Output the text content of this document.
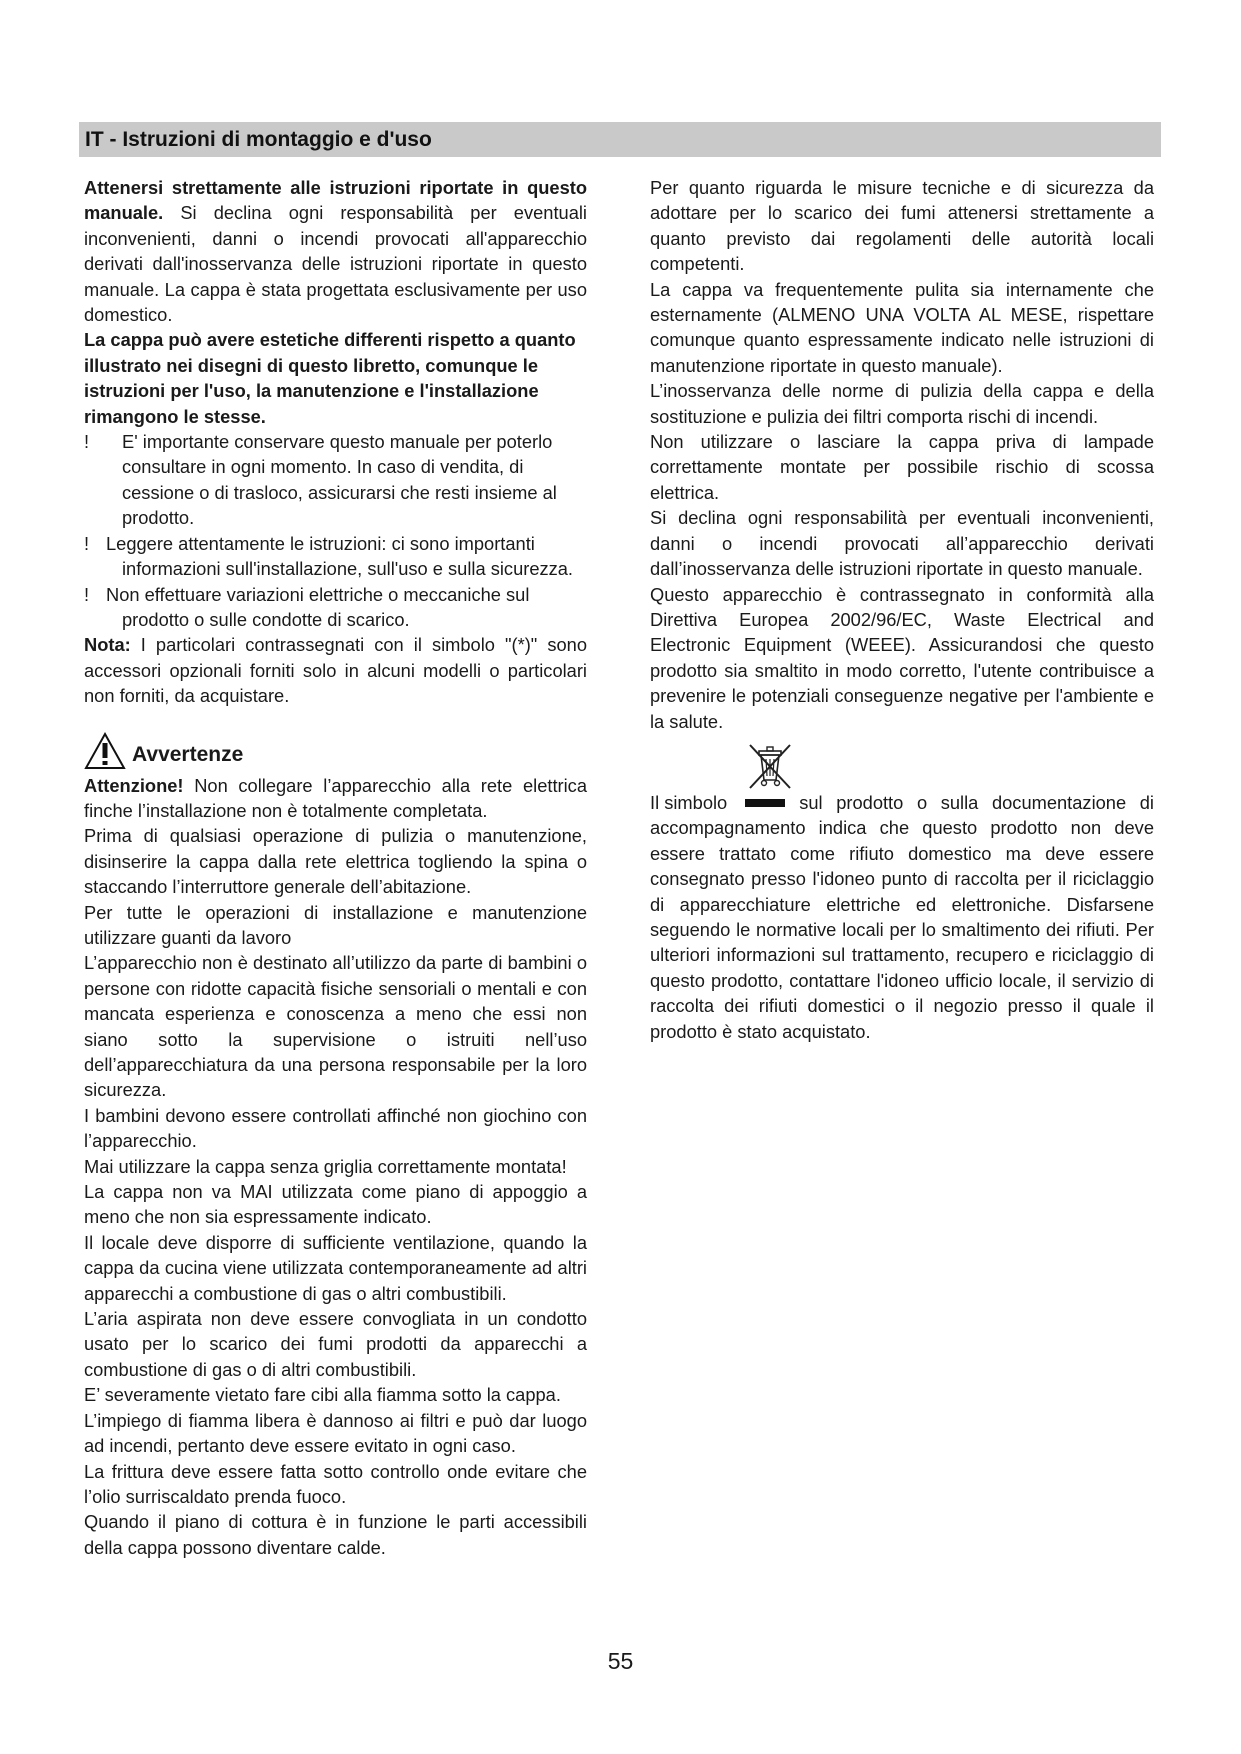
IT - Istruzioni di montaggio e d'uso

Attenersi strettamente alle istruzioni riportate in questo manuale. Si declina ogni responsabilità per eventuali inconvenienti, danni o incendi provocati all'apparecchio derivati dall'inosservanza delle istruzioni riportate in questo manuale. La cappa è stata progettata esclusivamente per uso domestico.

La cappa può avere estetiche differenti rispetto a quanto illustrato nei disegni di questo libretto, comunque le istruzioni per l'uso, la manutenzione e l'installazione rimangono le stesse.

!	E' importante conservare questo manuale per poterlo consultare in ogni momento. In caso di vendita, di cessione o di trasloco, assicurarsi che resti insieme al prodotto.
! Leggere attentamente le istruzioni: ci sono importanti
informazioni sull'installazione, sull'uso e sulla sicurezza.
! Non effettuare variazioni elettriche o meccaniche sul
prodotto o sulle condotte di scarico.

Nota: I particolari contrassegnati con il simbolo "(*)" sono accessori opzionali forniti solo in alcuni modelli o particolari non forniti, da acquistare.

Avvertenze

Attenzione! Non collegare l’apparecchio alla rete elettrica finche l’installazione non è totalmente completata.

Prima di qualsiasi operazione di pulizia o manutenzione, disinserire la cappa dalla rete elettrica togliendo la spina o staccando l’interruttore generale dell’abitazione.

Per tutte le operazioni di installazione e manutenzione utilizzare guanti da lavoro

L’apparecchio non è destinato all’utilizzo da parte di bambini o persone con ridotte capacità fisiche sensoriali o mentali e con mancata esperienza e conoscenza a meno che essi non siano sotto la supervisione o istruiti nell’uso dell’apparecchiatura da una persona responsabile per la loro sicurezza.

I bambini devono essere controllati affinché non giochino con l’apparecchio.

Mai utilizzare la cappa senza griglia correttamente montata!

La cappa non va MAI utilizzata come piano di appoggio a meno che non sia espressamente indicato.

Il locale deve disporre di sufficiente ventilazione, quando la cappa da cucina viene utilizzata contemporaneamente ad altri apparecchi a combustione di gas o altri combustibili.

L’aria aspirata non deve essere convogliata in un condotto usato per lo scarico dei fumi prodotti da apparecchi a combustione di gas o di altri combustibili.

E’ severamente vietato fare cibi alla fiamma sotto la cappa.

L’impiego di fiamma libera è dannoso ai filtri e può dar luogo ad incendi, pertanto deve essere evitato in ogni caso.

La frittura deve essere fatta sotto controllo onde evitare che l’olio surriscaldato prenda fuoco.

Quando il piano di cottura è in funzione le parti accessibili della cappa possono diventare calde.

Per quanto riguarda le misure tecniche e di sicurezza da adottare per lo scarico dei fumi attenersi strettamente a quanto previsto dai regolamenti delle autorità locali competenti.

La cappa va frequentemente pulita sia internamente che esternamente (ALMENO UNA VOLTA AL MESE, rispettare comunque quanto espressamente indicato nelle istruzioni di manutenzione riportate in questo manuale).

L’inosservanza delle norme di pulizia della cappa e della sostituzione e pulizia dei filtri comporta rischi di incendi.

Non utilizzare o lasciare la cappa priva di lampade correttamente montate per possibile rischio di scossa elettrica.

Si declina ogni responsabilità per eventuali inconvenienti, danni o incendi provocati all’apparecchio derivati dall’inosservanza delle istruzioni riportate in questo manuale.

Questo apparecchio è contrassegnato in conformità alla Direttiva Europea 2002/96/EC, Waste Electrical and Electronic Equipment (WEEE). Assicurandosi che questo prodotto sia smaltito in modo corretto, l'utente contribuisce a prevenire le potenziali conseguenze negative per l'ambiente e la salute.

Il simbolo	sul prodotto o sulla documentazione di
accompagnamento indica che questo prodotto non deve essere trattato come rifiuto domestico ma deve essere consegnato presso l'idoneo punto di raccolta per il riciclaggio di apparecchiature elettriche ed elettroniche. Disfarsene seguendo le normative locali per lo smaltimento dei rifiuti. Per ulteriori informazioni sul trattamento, recupero e riciclaggio di questo prodotto, contattare l'idoneo ufficio locale, il servizio di raccolta dei rifiuti domestici o il negozio presso il quale il prodotto è stato acquistato.

55
